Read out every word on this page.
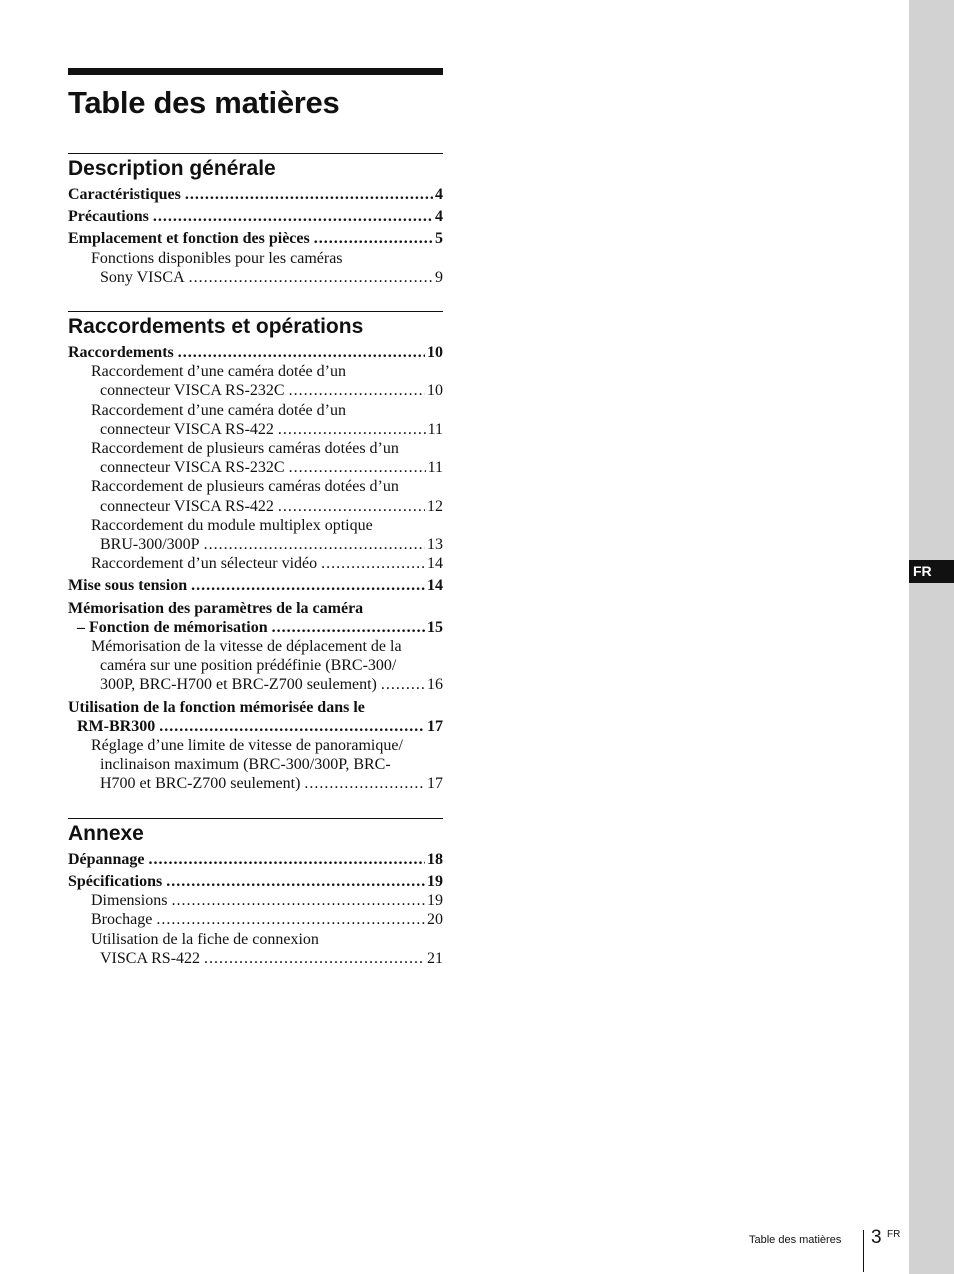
FR
Table des matières
Description générale
Caractéristiques .....	4
Précautions .....	4
Emplacement et fonction des pièces .....	5
Fonctions disponibles pour les caméras
Sony VISCA .....	9
Raccordements et opérations
Raccordements .....	10
Raccordement d’une caméra dotée d’un
connecteur VISCA RS-232C .....	10
Raccordement d’une caméra dotée d’un
connecteur VISCA RS-422 .....	11
Raccordement de plusieurs caméras dotées d’un
connecteur VISCA RS-232C .....	11
Raccordement de plusieurs caméras dotées d’un
connecteur VISCA RS-422 .....	12
Raccordement du module multiplex optique
BRU-300/300P .....	13
Raccordement d’un sélecteur vidéo .....	14
Mise sous tension .....	14
Mémorisation des paramètres de la caméra
– Fonction de mémorisation .....	15
Mémorisation de la vitesse de déplacement de la
caméra sur une position prédéfinie (BRC-300/
300P, BRC-H700 et BRC-Z700 seulement) .....	16
Utilisation de la fonction mémorisée dans le
RM-BR300 .....	17
Réglage d’une limite de vitesse de panoramique/
inclinaison maximum (BRC-300/300P, BRC-
H700 et BRC-Z700 seulement) .....	17
Annexe
Dépannage .....	18
Spécifications .....	19
Dimensions .....	19
Brochage .....	20
Utilisation de la fiche de connexion
VISCA RS-422 .....	21
Table des matières 3 FR
